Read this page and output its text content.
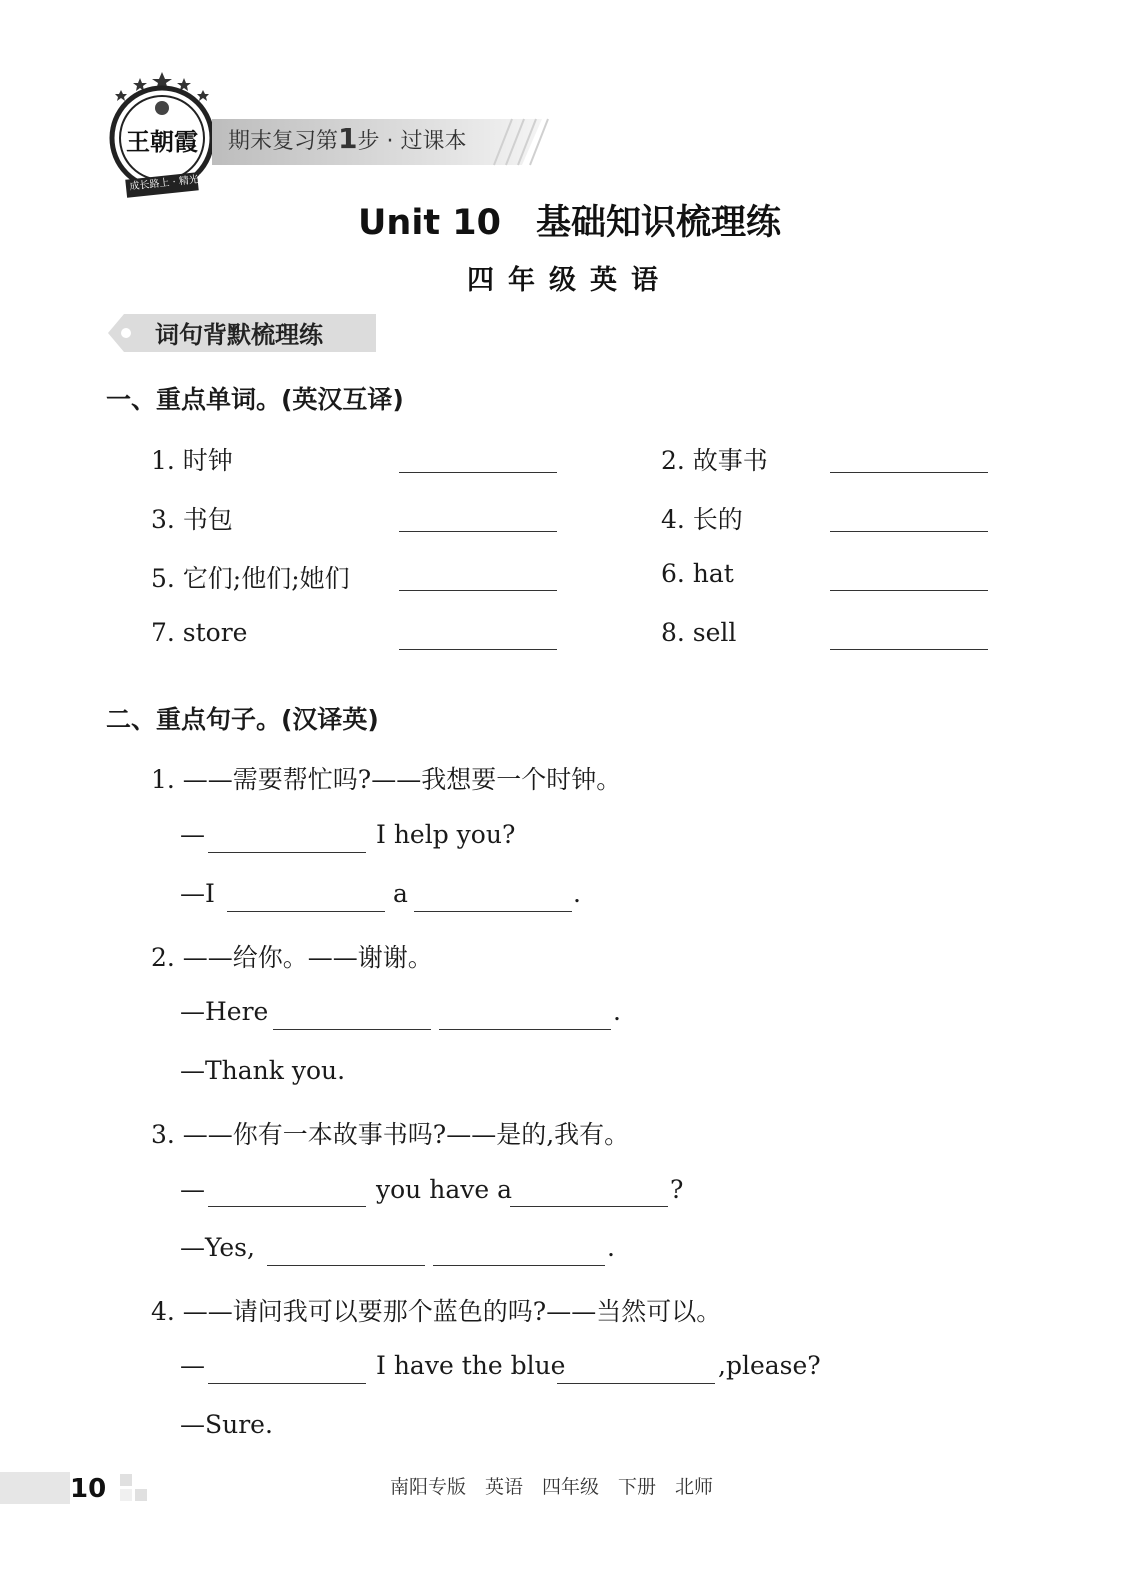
王朝霞
成长路上 · 精光满天
期末复习第1步 · 过课本
Unit 10　基础知识梳理练
四年级英语
词句背默梳理练
一、重点单词。(英汉互译)
1. 时钟	2. 故事书
3. 书包	4. 长的
5. 它们;他们;她们	6. hat
7. store	8. sell
二、重点句子。(汉译英)
1. ——需要帮忙吗?——我想要一个时钟。
—	I help you?
—I	a	.
2. ——给你。——谢谢。
—Here	.
—Thank you.
3. ——你有一本故事书吗?——是的,我有。
—	you have a	?
—Yes,	.
4. ——请问我可以要那个蓝色的吗?——当然可以。
—	I have the blue	,please?
—Sure.
10	南阳专版　英语　四年级　下册　北师
